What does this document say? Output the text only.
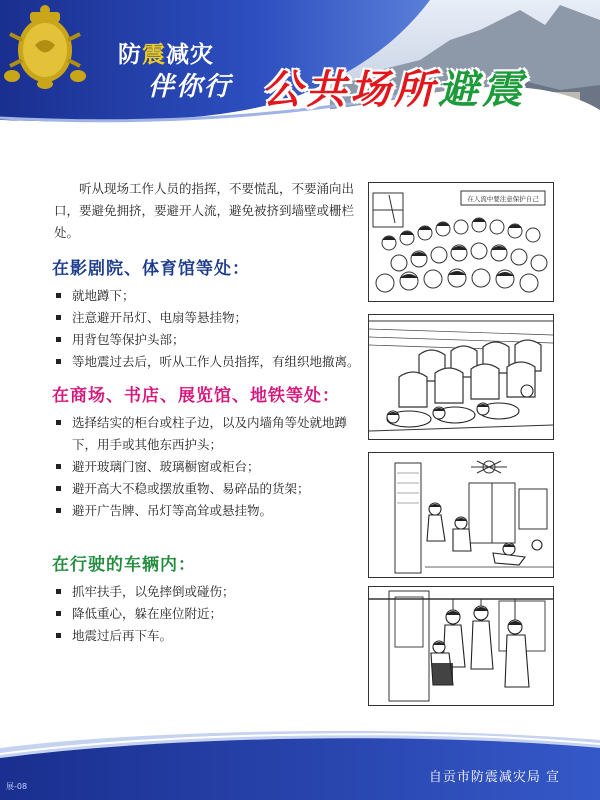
防震减灾
伴你行 公共场所避震

听从现场工作人员的指挥，不要慌乱，不要涌向出口，要避免拥挤，要避开人流，避免被挤到墙壁或栅栏处。

在影剧院、体育馆等处：
就地蹲下；
注意避开吊灯、电扇等悬挂物；
用背包等保护头部；
等地震过去后，听从工作人员指挥，有组织地撤离。
在商场、书店、展览馆、地铁等处：
选择结实的柜台或柱子边，以及内墙角等处就地蹲下，用手或其他东西护头；
避开玻璃门窗、玻璃橱窗或柜台；
避开高大不稳或摆放重物、易碎品的货架；
避开广告牌、吊灯等高耸或悬挂物。
在行驶的车辆内：
抓牢扶手，以免摔倒或碰伤；
降低重心，躲在座位附近；
地震过后再下车。
在人流中要注意保护自己
自贡市防震减灾局 宣
展-08
